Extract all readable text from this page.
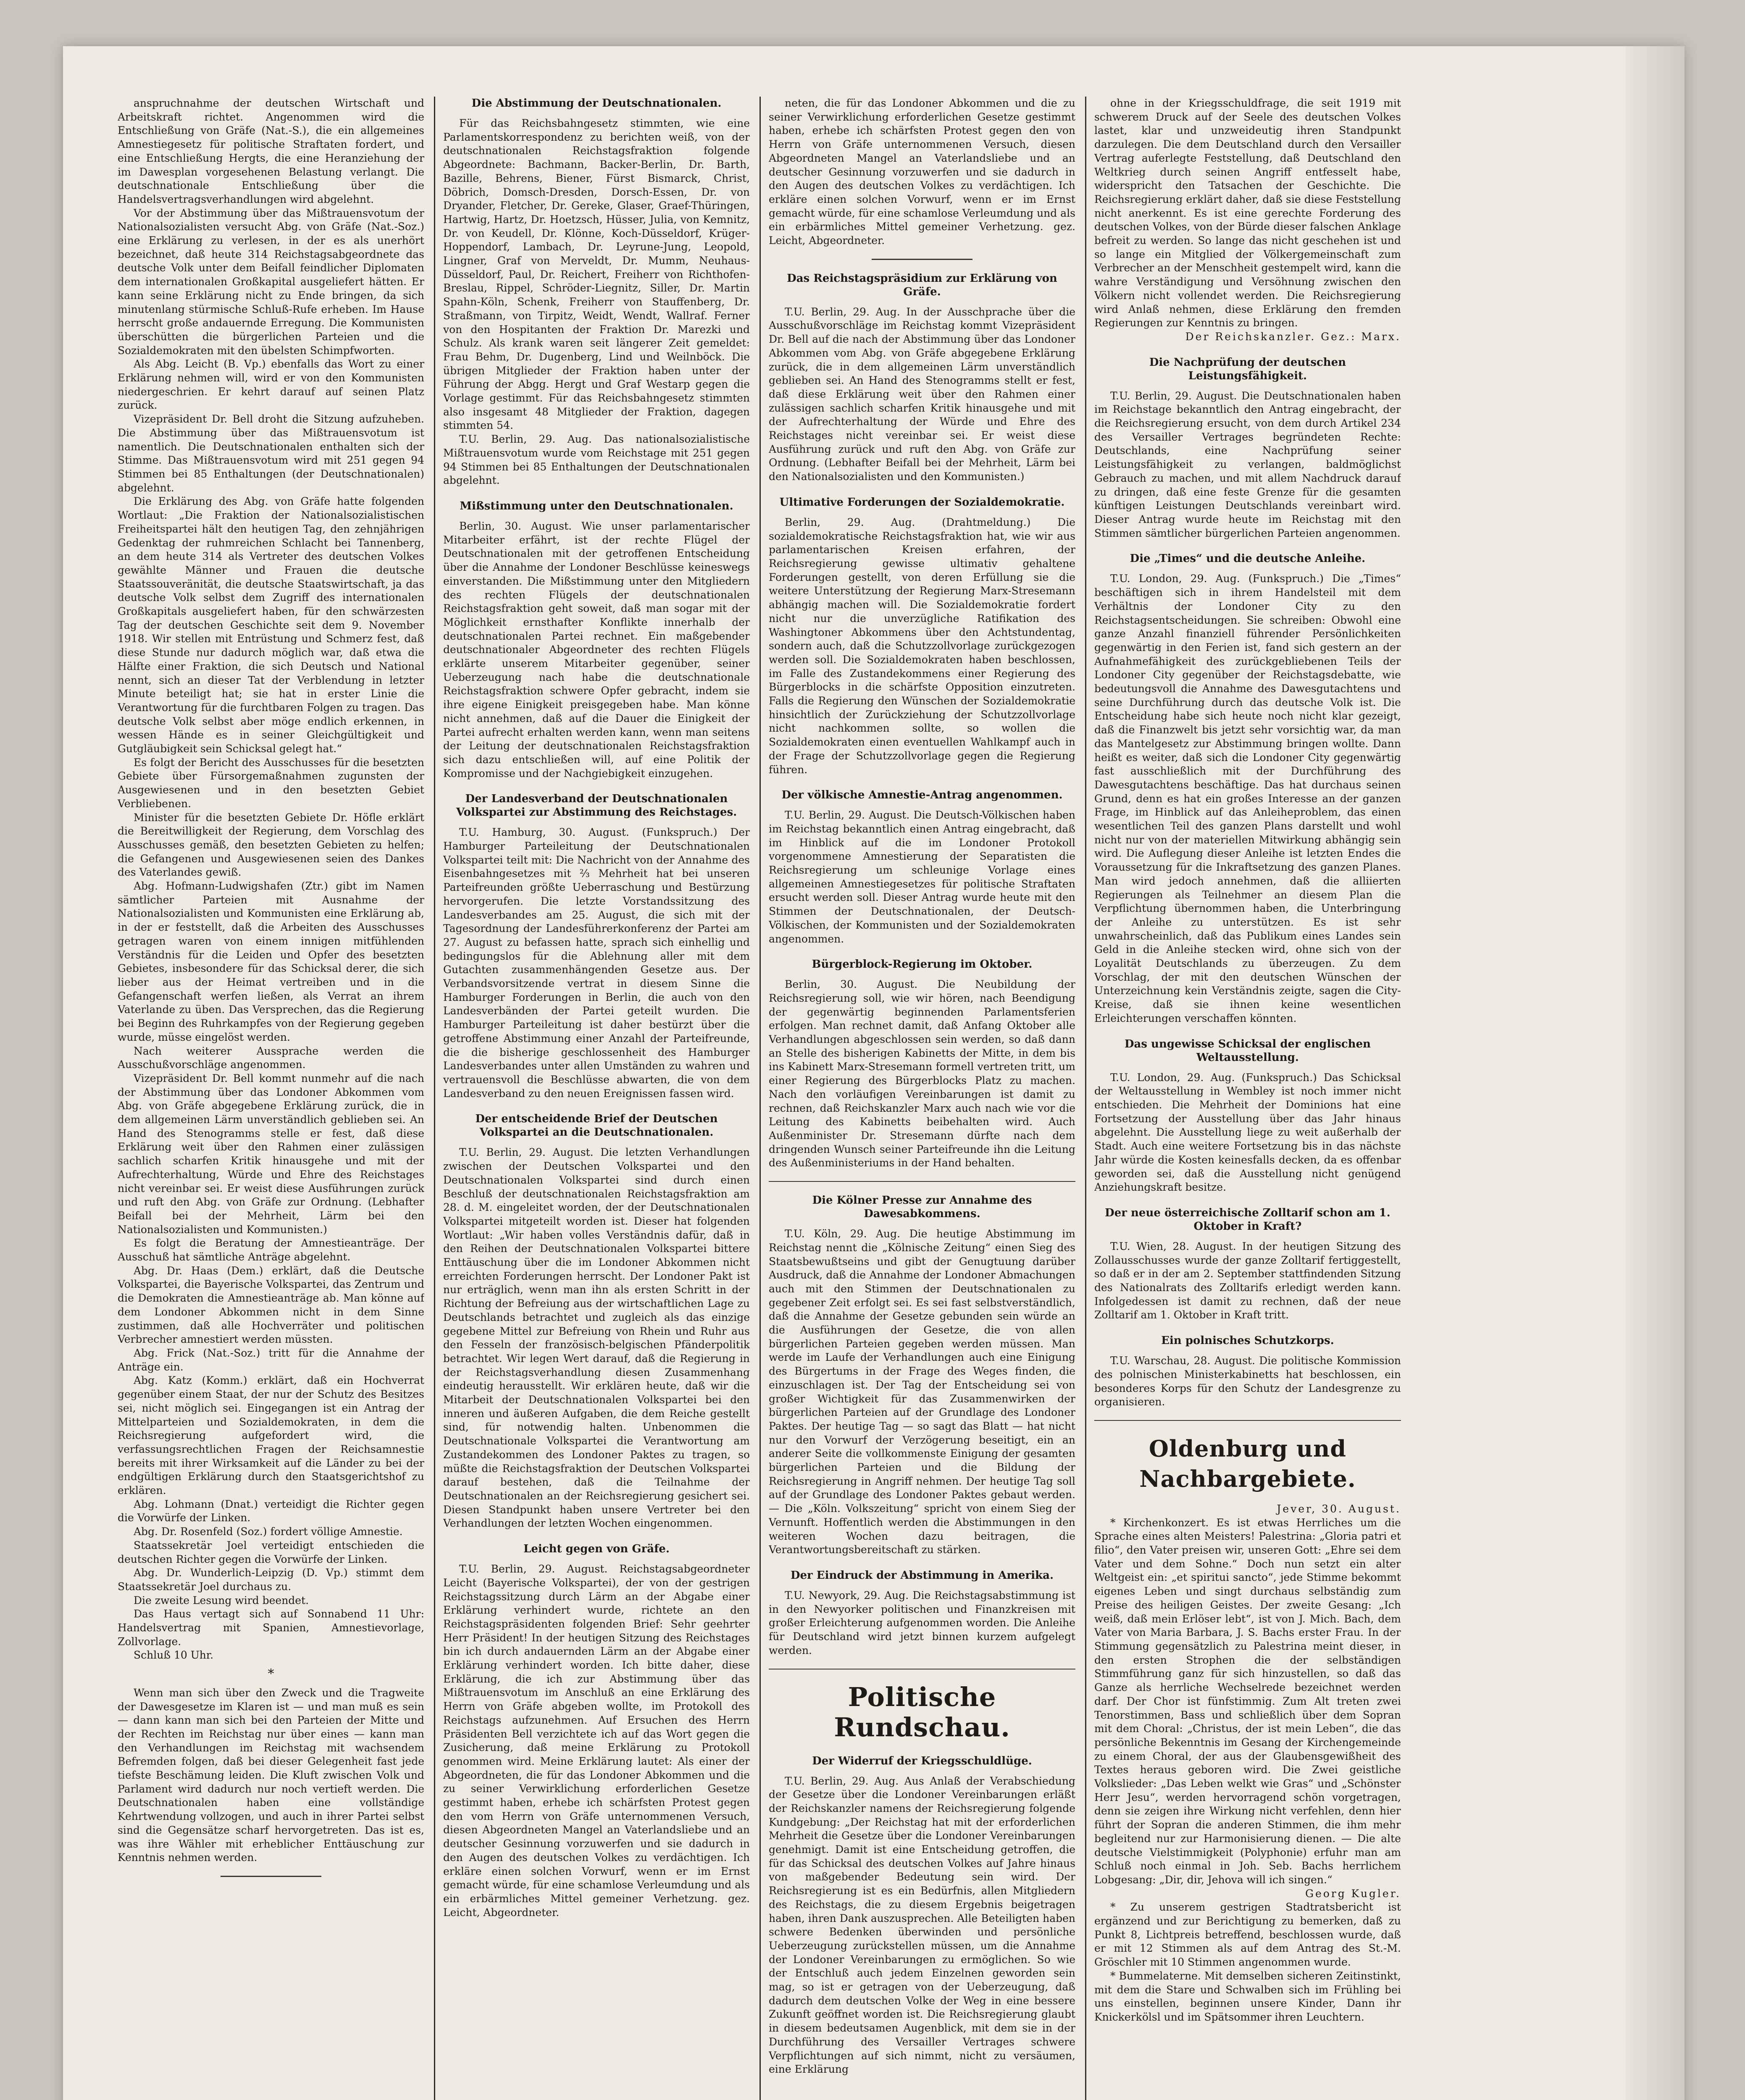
anspruchnahme der deutschen Wirtschaft und Arbeitskraft richtet. Angenommen wird die Entschließung von Gräfe (Nat.-S.), die ein allgemeines Amnestiegesetz für politische Straftaten fordert, und eine Entschließung Hergts, die eine Heranziehung der im Dawesplan vorgesehenen Belastung verlangt. Die deutschnationale Entschließung über die Handelsvertragsverhandlungen wird abgelehnt.

Vor der Abstimmung über das Mißtrauensvotum der Nationalsozialisten versucht Abg. von Gräfe (Nat.-Soz.) eine Erklärung zu verlesen, in der es als unerhört bezeichnet, daß heute 314 Reichstagsabgeordnete das deutsche Volk unter dem Beifall feindlicher Diplomaten dem internationalen Großkapital ausgeliefert hätten. Er kann seine Erklärung nicht zu Ende bringen, da sich minutenlang stürmische Schluß-Rufe erheben. Im Hause herrscht große andauernde Erregung. Die Kommunisten überschütten die bürgerlichen Parteien und die Sozialdemokraten mit den übelsten Schimpfworten.

Als Abg. Leicht (B. Vp.) ebenfalls das Wort zu einer Erklärung nehmen will, wird er von den Kommunisten niedergeschrien. Er kehrt darauf auf seinen Platz zurück.

Vizepräsident Dr. Bell droht die Sitzung aufzuheben. Die Abstimmung über das Mißtrauensvotum ist namentlich. Die Deutschnationalen enthalten sich der Stimme. Das Mißtrauensvotum wird mit 251 gegen 94 Stimmen bei 85 Enthaltungen (der Deutschnationalen) abgelehnt.

Die Erklärung des Abg. von Gräfe hatte folgenden Wortlaut: „Die Fraktion der Nationalsozialistischen Freiheitspartei hält den heutigen Tag, den zehnjährigen Gedenktag der ruhmreichen Schlacht bei Tannenberg, an dem heute 314 als Vertreter des deutschen Volkes gewählte Männer und Frauen die deutsche Staatssouveränität, die deutsche Staatswirtschaft, ja das deutsche Volk selbst dem Zugriff des internationalen Großkapitals ausgeliefert haben, für den schwärzesten Tag der deutschen Geschichte seit dem 9. November 1918. Wir stellen mit Entrüstung und Schmerz fest, daß diese Stunde nur dadurch möglich war, daß etwa die Hälfte einer Fraktion, die sich Deutsch und National nennt, sich an dieser Tat der Verblendung in letzter Minute beteiligt hat; sie hat in erster Linie die Verantwortung für die furchtbaren Folgen zu tragen. Das deutsche Volk selbst aber möge endlich erkennen, in wessen Hände es in seiner Gleichgültigkeit und Gutgläubigkeit sein Schicksal gelegt hat.“

Es folgt der Bericht des Ausschusses für die besetzten Gebiete über Fürsorgemaßnahmen zugunsten der Ausgewiesenen und in den besetzten Gebiet Verbliebenen.

Minister für die besetzten Gebiete Dr. Höfle erklärt die Bereitwilligkeit der Regierung, dem Vorschlag des Ausschusses gemäß, den besetzten Gebieten zu helfen; die Gefangenen und Ausgewiesenen seien des Dankes des Vaterlandes gewiß.

Abg. Hofmann-Ludwigshafen (Ztr.) gibt im Namen sämtlicher Parteien mit Ausnahme der Nationalsozialisten und Kommunisten eine Erklärung ab, in der er feststellt, daß die Arbeiten des Ausschusses getragen waren von einem innigen mitfühlenden Verständnis für die Leiden und Opfer des besetzten Gebietes, insbesondere für das Schicksal derer, die sich lieber aus der Heimat vertreiben und in die Gefangenschaft werfen ließen, als Verrat an ihrem Vaterlande zu üben. Das Versprechen, das die Regierung bei Beginn des Ruhrkampfes von der Regierung gegeben wurde, müsse eingelöst werden.

Nach weiterer Aussprache werden die Ausschußvorschläge angenommen.

Vizepräsident Dr. Bell kommt nunmehr auf die nach der Abstimmung über das Londoner Abkommen vom Abg. von Gräfe abgegebene Erklärung zurück, die in dem allgemeinen Lärm unverständlich geblieben sei. An Hand des Stenogramms stelle er fest, daß diese Erklärung weit über den Rahmen einer zulässigen sachlich scharfen Kritik hinausgehe und mit der Aufrechterhaltung, Würde und Ehre des Reichstages nicht vereinbar sei. Er weist diese Ausführungen zurück und ruft den Abg. von Gräfe zur Ordnung. (Lebhafter Beifall bei der Mehrheit, Lärm bei den Nationalsozialisten und Kommunisten.)

Es folgt die Beratung der Amnestieanträge. Der Ausschuß hat sämtliche Anträge abgelehnt.

Abg. Dr. Haas (Dem.) erklärt, daß die Deutsche Volkspartei, die Bayerische Volkspartei, das Zentrum und die Demokraten die Amnestieanträge ab. Man könne auf dem Londoner Abkommen nicht in dem Sinne zustimmen, daß alle Hochverräter und politischen Verbrecher amnestiert werden müssten.

Abg. Frick (Nat.-Soz.) tritt für die Annahme der Anträge ein.

Abg. Katz (Komm.) erklärt, daß ein Hochverrat gegenüber einem Staat, der nur der Schutz des Besitzes sei, nicht möglich sei. Eingegangen ist ein Antrag der Mittelparteien und Sozialdemokraten, in dem die Reichsregierung aufgefordert wird, die verfassungsrechtlichen Fragen der Reichsamnestie bereits mit ihrer Wirksamkeit auf die Länder zu bei der endgültigen Erklärung durch den Staatsgerichtshof zu erklären.

Abg. Lohmann (Dnat.) verteidigt die Richter gegen die Vorwürfe der Linken.

Abg. Dr. Rosenfeld (Soz.) fordert völlige Amnestie.

Staatssekretär Joel verteidigt entschieden die deutschen Richter gegen die Vorwürfe der Linken.

Abg. Dr. Wunderlich-Leipzig (D. Vp.) stimmt dem Staatssekretär Joel durchaus zu.

Die zweite Lesung wird beendet.

Das Haus vertagt sich auf Sonnabend 11 Uhr: Handelsvertrag mit Spanien, Amnestievorlage, Zollvorlage.

Schluß 10 Uhr.

*

Wenn man sich über den Zweck und die Tragweite der Dawesgesetze im Klaren ist — und man muß es sein — dann kann man sich bei den Parteien der Mitte und der Rechten im Reichstag nur über eines — kann man den Verhandlungen im Reichstag mit wachsendem Befremden folgen, daß bei dieser Gelegenheit fast jede tiefste Beschämung leiden. Die Kluft zwischen Volk und Parlament wird dadurch nur noch vertieft werden. Die Deutschnationalen haben eine vollständige Kehrtwendung vollzogen, und auch in ihrer Partei selbst sind die Gegensätze scharf hervorgetreten. Das ist es, was ihre Wähler mit erheblicher Enttäuschung zur Kenntnis nehmen werden.

Die Abstimmung der Deutschnationalen.

Für das Reichsbahngesetz stimmten, wie eine Parlamentskorrespondenz zu berichten weiß, von der deutschnationalen Reichstagsfraktion folgende Abgeordnete: Bachmann, Backer-Berlin, Dr. Barth, Bazille, Behrens, Biener, Fürst Bismarck, Christ, Döbrich, Domsch-Dresden, Dorsch-Essen, Dr. von Dryander, Fletcher, Dr. Gereke, Glaser, Graef-Thüringen, Hartwig, Hartz, Dr. Hoetzsch, Hüsser, Julia, von Kemnitz, Dr. von Keudell, Dr. Klönne, Koch-Düsseldorf, Krüger-Hoppendorf, Lambach, Dr. Leyrune-Jung, Leopold, Lingner, Graf von Merveldt, Dr. Mumm, Neuhaus-Düsseldorf, Paul, Dr. Reichert, Freiherr von Richthofen-Breslau, Rippel, Schröder-Liegnitz, Siller, Dr. Martin Spahn-Köln, Schenk, Freiherr von Stauffenberg, Dr. Straßmann, von Tirpitz, Weidt, Wendt, Wallraf. Ferner von den Hospitanten der Fraktion Dr. Marezki und Schulz. Als krank waren seit längerer Zeit gemeldet: Frau Behm, Dr. Dugenberg, Lind und Weilnböck. Die übrigen Mitglieder der Fraktion haben unter der Führung der Abgg. Hergt und Graf Westarp gegen die Vorlage gestimmt. Für das Reichsbahngesetz stimmten also insgesamt 48 Mitglieder der Fraktion, dagegen stimmten 54.

T.U. Berlin, 29. Aug. Das nationalsozialistische Mißtrauensvotum wurde vom Reichstage mit 251 gegen 94 Stimmen bei 85 Enthaltungen der Deutschnationalen abgelehnt.

Mißstimmung unter den Deutschnationalen.

Berlin, 30. August. Wie unser parlamentarischer Mitarbeiter erfährt, ist der rechte Flügel der Deutschnationalen mit der getroffenen Entscheidung über die Annahme der Londoner Beschlüsse keineswegs einverstanden. Die Mißstimmung unter den Mitgliedern des rechten Flügels der deutschnationalen Reichstagsfraktion geht soweit, daß man sogar mit der Möglichkeit ernsthafter Konflikte innerhalb der deutschnationalen Partei rechnet. Ein maßgebender deutschnationaler Abgeordneter des rechten Flügels erklärte unserem Mitarbeiter gegenüber, seiner Ueberzeugung nach habe die deutschnationale Reichstagsfraktion schwere Opfer gebracht, indem sie ihre eigene Einigkeit preisgegeben habe. Man könne nicht annehmen, daß auf die Dauer die Einigkeit der Partei aufrecht erhalten werden kann, wenn man seitens der Leitung der deutschnationalen Reichstagsfraktion sich dazu entschließen will, auf eine Politik der Kompromisse und der Nachgiebigkeit einzugehen.

Der Landesverband der Deutschnationalen Volkspartei zur Abstimmung des Reichstages.

T.U. Hamburg, 30. August. (Funkspruch.) Der Hamburger Parteileitung der Deutschnationalen Volkspartei teilt mit: Die Nachricht von der Annahme des Eisenbahngesetzes mit ⅔ Mehrheit hat bei unseren Parteifreunden größte Ueberraschung und Bestürzung hervorgerufen. Die letzte Vorstandssitzung des Landesverbandes am 25. August, die sich mit der Tagesordnung der Landesführerkonferenz der Partei am 27. August zu befassen hatte, sprach sich einhellig und bedingungslos für die Ablehnung aller mit dem Gutachten zusammenhängenden Gesetze aus. Der Verbandsvorsitzende vertrat in diesem Sinne die Hamburger Forderungen in Berlin, die auch von den Landesverbänden der Partei geteilt wurden. Die Hamburger Parteileitung ist daher bestürzt über die getroffene Abstimmung einer Anzahl der Parteifreunde, die die bisherige geschlossenheit des Hamburger Landesverbandes unter allen Umständen zu wahren und vertrauensvoll die Beschlüsse abwarten, die von dem Landesverband zu den neuen Ereignissen fassen wird.

Der entscheidende Brief der Deutschen Volkspartei an die Deutschnationalen.

T.U. Berlin, 29. August. Die letzten Verhandlungen zwischen der Deutschen Volkspartei und den Deutschnationalen Volkspartei sind durch einen Beschluß der deutschnationalen Reichstagsfraktion am 28. d. M. eingeleitet worden, der der Deutschnationalen Volkspartei mitgeteilt worden ist. Dieser hat folgenden Wortlaut: „Wir haben volles Verständnis dafür, daß in den Reihen der Deutschnationalen Volkspartei bittere Enttäuschung über die im Londoner Abkommen nicht erreichten Forderungen herrscht. Der Londoner Pakt ist nur erträglich, wenn man ihn als ersten Schritt in der Richtung der Befreiung aus der wirtschaftlichen Lage zu Deutschlands betrachtet und zugleich als das einzige gegebene Mittel zur Befreiung von Rhein und Ruhr aus den Fesseln der französisch-belgischen Pfänderpolitik betrachtet. Wir legen Wert darauf, daß die Regierung in der Reichstagsverhandlung diesen Zusammenhang eindeutig herausstellt. Wir erklären heute, daß wir die Mitarbeit der Deutschnationalen Volkspartei bei den inneren und äußeren Aufgaben, die dem Reiche gestellt sind, für notwendig halten. Unbenommen die Deutschnationale Volkspartei die Verantwortung am Zustandekommen des Londoner Paktes zu tragen, so müßte die Reichstagsfraktion der Deutschen Volkspartei darauf bestehen, daß die Teilnahme der Deutschnationalen an der Reichsregierung gesichert sei. Diesen Standpunkt haben unsere Vertreter bei den Verhandlungen der letzten Wochen eingenommen.

Leicht gegen von Gräfe.

T.U. Berlin, 29. August. Reichstagsabgeordneter Leicht (Bayerische Volkspartei), der von der gestrigen Reichstagssitzung durch Lärm an der Abgabe einer Erklärung verhindert wurde, richtete an den Reichstagspräsidenten folgenden Brief: Sehr geehrter Herr Präsident! In der heutigen Sitzung des Reichstages bin ich durch andauernden Lärm an der Abgabe einer Erklärung verhindert worden. Ich bitte daher, diese Erklärung, die ich zur Abstimmung über das Mißtrauensvotum im Anschluß an eine Erklärung des Herrn von Gräfe abgeben wollte, im Protokoll des Reichstags aufzunehmen. Auf Ersuchen des Herrn Präsidenten Bell verzichtete ich auf das Wort gegen die Zusicherung, daß meine Erklärung zu Protokoll genommen wird. Meine Erklärung lautet: Als einer der Abgeordneten, die für das Londoner Abkommen und die zu seiner Verwirklichung erforderlichen Gesetze gestimmt haben, erhebe ich schärfsten Protest gegen den vom Herrn von Gräfe unternommenen Versuch, diesen Abgeordneten Mangel an Vaterlandsliebe und an deutscher Gesinnung vorzuwerfen und sie dadurch in den Augen des deutschen Volkes zu verdächtigen. Ich erkläre einen solchen Vorwurf, wenn er im Ernst gemacht würde, für eine schamlose Verleumdung und als ein erbärmliches Mittel gemeiner Verhetzung. gez. Leicht, Abgeordneter.

neten, die für das Londoner Abkommen und die zu seiner Verwirklichung erforderlichen Gesetze gestimmt haben, erhebe ich schärfsten Protest gegen den von Herrn von Gräfe unternommenen Versuch, diesen Abgeordneten Mangel an Vaterlandsliebe und an deutscher Gesinnung vorzuwerfen und sie dadurch in den Augen des deutschen Volkes zu verdächtigen. Ich erkläre einen solchen Vorwurf, wenn er im Ernst gemacht würde, für eine schamlose Verleumdung und als ein erbärmliches Mittel gemeiner Verhetzung. gez. Leicht, Abgeordneter.

Das Reichstagspräsidium zur Erklärung von Gräfe.

T.U. Berlin, 29. Aug. In der Ausschprache über die Ausschußvorschläge im Reichstag kommt Vizepräsident Dr. Bell auf die nach der Abstimmung über das Londoner Abkommen vom Abg. von Gräfe abgegebene Erklärung zurück, die in dem allgemeinen Lärm unverständlich geblieben sei. An Hand des Stenogramms stellt er fest, daß diese Erklärung weit über den Rahmen einer zulässigen sachlich scharfen Kritik hinausgehe und mit der Aufrechterhaltung der Würde und Ehre des Reichstages nicht vereinbar sei. Er weist diese Ausführung zurück und ruft den Abg. von Gräfe zur Ordnung. (Lebhafter Beifall bei der Mehrheit, Lärm bei den Nationalsozialisten und den Kommunisten.)

Ultimative Forderungen der Sozialdemokratie.

Berlin, 29. Aug. (Drahtmeldung.) Die sozialdemokratische Reichstagsfraktion hat, wie wir aus parlamentarischen Kreisen erfahren, der Reichsregierung gewisse ultimativ gehaltene Forderungen gestellt, von deren Erfüllung sie die weitere Unterstützung der Regierung Marx-Stresemann abhängig machen will. Die Sozialdemokratie fordert nicht nur die unverzügliche Ratifikation des Washingtoner Abkommens über den Achtstundentag, sondern auch, daß die Schutzzollvorlage zurückgezogen werden soll. Die Sozialdemokraten haben beschlossen, im Falle des Zustandekommens einer Regierung des Bürgerblocks in die schärfste Opposition einzutreten. Falls die Regierung den Wünschen der Sozialdemokratie hinsichtlich der Zurückziehung der Schutzzollvorlage nicht nachkommen sollte, so wollen die Sozialdemokraten einen eventuellen Wahlkampf auch in der Frage der Schutzzollvorlage gegen die Regierung führen.

Der völkische Amnestie-Antrag angenommen.

T.U. Berlin, 29. August. Die Deutsch-Völkischen haben im Reichstag bekanntlich einen Antrag eingebracht, daß im Hinblick auf die im Londoner Protokoll vorgenommene Amnestierung der Separatisten die Reichsregierung um schleunige Vorlage eines allgemeinen Amnestiegesetzes für politische Straftaten ersucht werden soll. Dieser Antrag wurde heute mit den Stimmen der Deutschnationalen, der Deutsch-Völkischen, der Kommunisten und der Sozialdemokraten angenommen.

Bürgerblock-Regierung im Oktober.

Berlin, 30. August. Die Neubildung der Reichsregierung soll, wie wir hören, nach Beendigung der gegenwärtig beginnenden Parlamentsferien erfolgen. Man rechnet damit, daß Anfang Oktober alle Verhandlungen abgeschlossen sein werden, so daß dann an Stelle des bisherigen Kabinetts der Mitte, in dem bis ins Kabinett Marx-Stresemann formell vertreten tritt, um einer Regierung des Bürgerblocks Platz zu machen. Nach den vorläufigen Vereinbarungen ist damit zu rechnen, daß Reichskanzler Marx auch nach wie vor die Leitung des Kabinetts beibehalten wird. Auch Außenminister Dr. Stresemann dürfte nach dem dringenden Wunsch seiner Parteifreunde ihn die Leitung des Außenministeriums in der Hand behalten.

Die Kölner Presse zur Annahme des Dawesabkommens.

T.U. Köln, 29. Aug. Die heutige Abstimmung im Reichstag nennt die „Kölnische Zeitung“ einen Sieg des Staatsbewußtseins und gibt der Genugtuung darüber Ausdruck, daß die Annahme der Londoner Abmachungen auch mit den Stimmen der Deutschnationalen zu gegebener Zeit erfolgt sei. Es sei fast selbstverständlich, daß die Annahme der Gesetze gebunden sein würde an die Ausführungen der Gesetze, die von allen bürgerlichen Parteien gegeben werden müssen. Man werde im Laufe der Verhandlungen auch eine Einigung des Bürgertums in der Frage des Weges finden, die einzuschlagen ist. Der Tag der Entscheidung sei von großer Wichtigkeit für das Zusammenwirken der bürgerlichen Parteien auf der Grundlage des Londoner Paktes. Der heutige Tag — so sagt das Blatt — hat nicht nur den Vorwurf der Verzögerung beseitigt, ein an anderer Seite die vollkommenste Einigung der gesamten bürgerlichen Parteien und die Bildung der Reichsregierung in Angriff nehmen. Der heutige Tag soll auf der Grundlage des Londoner Paktes gebaut werden. — Die „Köln. Volkszeitung“ spricht von einem Sieg der Vernunft. Hoffentlich werden die Abstimmungen in den weiteren Wochen dazu beitragen, die Verantwortungsbereitschaft zu stärken.

Der Eindruck der Abstimmung in Amerika.

T.U. Newyork, 29. Aug. Die Reichstagsabstimmung ist in den Newyorker politischen und Finanzkreisen mit großer Erleichterung aufgenommen worden. Die Anleihe für Deutschland wird jetzt binnen kurzem aufgelegt werden.

Politische Rundschau.
Der Widerruf der Kriegsschuldlüge.

T.U. Berlin, 29. Aug. Aus Anlaß der Verabschiedung der Gesetze über die Londoner Vereinbarungen erläßt der Reichskanzler namens der Reichsregierung folgende Kundgebung: „Der Reichstag hat mit der erforderlichen Mehrheit die Gesetze über die Londoner Vereinbarungen genehmigt. Damit ist eine Entscheidung getroffen, die für das Schicksal des deutschen Volkes auf Jahre hinaus von maßgebender Bedeutung sein wird. Der Reichsregierung ist es ein Bedürfnis, allen Mitgliedern des Reichstags, die zu diesem Ergebnis beigetragen haben, ihren Dank auszusprechen. Alle Beteiligten haben schwere Bedenken überwinden und persönliche Ueberzeugung zurückstellen müssen, um die Annahme der Londoner Vereinbarungen zu ermöglichen. So wie der Entschluß auch jedem Einzelnen geworden sein mag, so ist er getragen von der Ueberzeugung, daß dadurch dem deutschen Volke der Weg in eine bessere Zukunft geöffnet worden ist. Die Reichsregierung glaubt in diesem bedeutsamen Augenblick, mit dem sie in der Durchführung des Versailler Vertrages schwere Verpflichtungen auf sich nimmt, nicht zu versäumen, eine Erklärung

ohne in der Kriegsschuldfrage, die seit 1919 mit schwerem Druck auf der Seele des deutschen Volkes lastet, klar und unzweideutig ihren Standpunkt darzulegen. Die dem Deutschland durch den Versailler Vertrag auferlegte Feststellung, daß Deutschland den Weltkrieg durch seinen Angriff entfesselt habe, widerspricht den Tatsachen der Geschichte. Die Reichsregierung erklärt daher, daß sie diese Feststellung nicht anerkennt. Es ist eine gerechte Forderung des deutschen Volkes, von der Bürde dieser falschen Anklage befreit zu werden. So lange das nicht geschehen ist und so lange ein Mitglied der Völkergemeinschaft zum Verbrecher an der Menschheit gestempelt wird, kann die wahre Verständigung und Versöhnung zwischen den Völkern nicht vollendet werden. Die Reichsregierung wird Anlaß nehmen, diese Erklärung den fremden Regierungen zur Kenntnis zu bringen.

Der Reichskanzler. Gez.: Marx.

Die Nachprüfung der deutschen Leistungsfähigkeit.

T.U. Berlin, 29. August. Die Deutschnationalen haben im Reichstage bekanntlich den Antrag eingebracht, der die Reichsregierung ersucht, von dem durch Artikel 234 des Versailler Vertrages begründeten Rechte: Deutschlands, eine Nachprüfung seiner Leistungsfähigkeit zu verlangen, baldmöglichst Gebrauch zu machen, und mit allem Nachdruck darauf zu dringen, daß eine feste Grenze für die gesamten künftigen Leistungen Deutschlands vereinbart wird. Dieser Antrag wurde heute im Reichstag mit den Stimmen sämtlicher bürgerlichen Parteien angenommen.

Die „Times“ und die deutsche Anleihe.

T.U. London, 29. Aug. (Funkspruch.) Die „Times“ beschäftigen sich in ihrem Handelsteil mit dem Verhältnis der Londoner City zu den Reichstagsentscheidungen. Sie schreiben: Obwohl eine ganze Anzahl finanziell führender Persönlichkeiten gegenwärtig in den Ferien ist, fand sich gestern an der Aufnahmefähigkeit des zurückgebliebenen Teils der Londoner City gegenüber der Reichstagsdebatte, wie bedeutungsvoll die Annahme des Dawesgutachtens und seine Durchführung durch das deutsche Volk ist. Die Entscheidung habe sich heute noch nicht klar gezeigt, daß die Finanzwelt bis jetzt sehr vorsichtig war, da man das Mantelgesetz zur Abstimmung bringen wollte. Dann heißt es weiter, daß sich die Londoner City gegenwärtig fast ausschließlich mit der Durchführung des Dawesgutachtens beschäftige. Das hat durchaus seinen Grund, denn es hat ein großes Interesse an der ganzen Frage, im Hinblick auf das Anleiheproblem, das einen wesentlichen Teil des ganzen Plans darstellt und wohl nicht nur von der materiellen Mitwirkung abhängig sein wird. Die Auflegung dieser Anleihe ist letzten Endes die Voraussetzung für die Inkraftsetzung des ganzen Planes. Man wird jedoch annehmen, daß die alliierten Regierungen als Teilnehmer an diesem Plan die Verpflichtung übernommen haben, die Unterbringung der Anleihe zu unterstützen. Es ist sehr unwahrscheinlich, daß das Publikum eines Landes sein Geld in die Anleihe stecken wird, ohne sich von der Loyalität Deutschlands zu überzeugen. Zu dem Vorschlag, der mit den deutschen Wünschen der Unterzeichnung kein Verständnis zeigte, sagen die City-Kreise, daß sie ihnen keine wesentlichen Erleichterungen verschaffen könnten.

Das ungewisse Schicksal der englischen Weltausstellung.

T.U. London, 29. Aug. (Funkspruch.) Das Schicksal der Weltausstellung in Wembley ist noch immer nicht entschieden. Die Mehrheit der Dominions hat eine Fortsetzung der Ausstellung über das Jahr hinaus abgelehnt. Die Ausstellung liege zu weit außerhalb der Stadt. Auch eine weitere Fortsetzung bis in das nächste Jahr würde die Kosten keinesfalls decken, da es offenbar geworden sei, daß die Ausstellung nicht genügend Anziehungskraft besitze.

Der neue österreichische Zolltarif schon am 1. Oktober in Kraft?

T.U. Wien, 28. August. In der heutigen Sitzung des Zollausschusses wurde der ganze Zolltarif fertiggestellt, so daß er in der am 2. September stattfindenden Sitzung des Nationalrats des Zolltarifs erledigt werden kann. Infolgedessen ist damit zu rechnen, daß der neue Zolltarif am 1. Oktober in Kraft tritt.

Ein polnisches Schutzkorps.

T.U. Warschau, 28. August. Die politische Kommission des polnischen Ministerkabinetts hat beschlossen, ein besonderes Korps für den Schutz der Landesgrenze zu organisieren.

Oldenburg und Nachbargebiete.

Jever, 30. August.

* Kirchenkonzert. Es ist etwas Herrliches um die Sprache eines alten Meisters! Palestrina: „Gloria patri et filio“, den Vater preisen wir, unseren Gott: „Ehre sei dem Vater und dem Sohne.“ Doch nun setzt ein alter Weltgeist ein: „et spiritui sancto“, jede Stimme bekommt eigenes Leben und singt durchaus selbständig zum Preise des heiligen Geistes. Der zweite Gesang: „Ich weiß, daß mein Erlöser lebt“, ist von J. Mich. Bach, dem Vater von Maria Barbara, J. S. Bachs erster Frau. In der Stimmung gegensätzlich zu Palestrina meint dieser, in den ersten Strophen die der selbständigen Stimmführung ganz für sich hinzustellen, so daß das Ganze als herrliche Wechselrede bezeichnet werden darf. Der Chor ist fünfstimmig. Zum Alt treten zwei Tenorstimmen, Bass und schließlich über dem Sopran mit dem Choral: „Christus, der ist mein Leben“, die das persönliche Bekenntnis im Gesang der Kirchengemeinde zu einem Choral, der aus der Glaubensgewißheit des Textes heraus geboren wird. Die Zwei geistliche Volkslieder: „Das Leben welkt wie Gras“ und „Schönster Herr Jesu“, werden hervorragend schön vorgetragen, denn sie zeigen ihre Wirkung nicht verfehlen, denn hier führt der Sopran die anderen Stimmen, die ihm mehr begleitend nur zur Harmonisierung dienen. — Die alte deutsche Vielstimmigkeit (Polyphonie) erfuhr man am Schluß noch einmal in Joh. Seb. Bachs herrlichem Lobgesang: „Dir, dir, Jehova will ich singen.“

Georg Kugler.

* Zu unserem gestrigen Stadtratsbericht ist ergänzend und zur Berichtigung zu bemerken, daß zu Punkt 8, Lichtpreis betreffend, beschlossen wurde, daß er mit 12 Stimmen als auf dem Antrag des St.-M. Gröschler mit 10 Stimmen angenommen wurde.

* Bummelaterne. Mit demselben sicheren Zeitinstinkt, mit dem die Stare und Schwalben sich im Frühling bei uns einstellen, beginnen unsere Kinder, Dann ihr Knickerkölsl und im Spätsommer ihren Leuchtern.
